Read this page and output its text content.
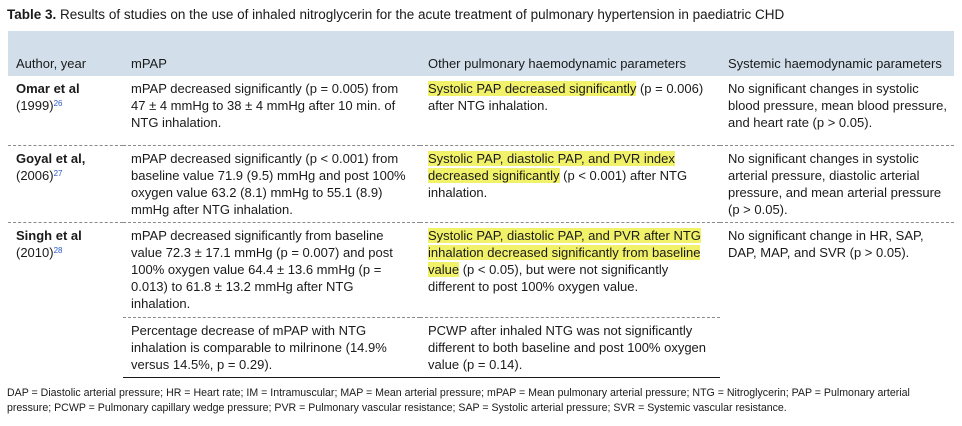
Table 3. Results of studies on the use of inhaled nitroglycerin for the acute treatment of pulmonary hypertension in paediatric CHD
Author, year	mPAP	Other pulmonary haemodynamic parameters	Systemic haemodynamic parameters

Omar et al
$(1999)^{26}$	mPAP decreased significantly (p = 0.005) from 47 ± 4 mmHg to 38 ± 4 mmHg after 10 min. of NTG inhalation.	Systolic PAP decreased significantly (p = 0.006) after NTG inhalation.	No significant changes in systolic blood pressure, mean blood pressure, and heart rate (p > 0.05).

Goyal et al,
$(2006)^{27}$	mPAP decreased significantly (p < 0.001) from baseline value 71.9 (9.5) mmHg and post 100% oxygen value 63.2 (8.1) mmHg to 55.1 (8.9) mmHg after NTG inhalation.	Systolic PAP, diastolic PAP, and PVR index decreased significantly (p < 0.001) after NTG inhalation.	No significant changes in systolic arterial pressure, diastolic arterial pressure, and mean arterial pressure (p > 0.05).

Singh et al
$(2010)^{28}$	mPAP decreased significantly from baseline value 72.3 ± 17.1 mmHg (p = 0.007) and post 100% oxygen value 64.4 ± 13.6 mmHg (p = 0.013) to 61.8 ± 13.2 mmHg after NTG inhalation.	Systolic PAP, diastolic PAP, and PVR after NTG inhalation decreased significantly from baseline value (p < 0.05), but were not significantly different to post 100% oxygen value.	No significant change in HR, SAP, DAP, MAP, and SVR (p > 0.05).
	Percentage decrease of mPAP with NTG inhalation is comparable to milrinone (14.9% versus 14.5%, p = 0.29).	PCWP after inhaled NTG was not significantly different to both baseline and post 100% oxygen value (p = 0.14).	
DAP = Diastolic arterial pressure; HR = Heart rate; IM = Intramuscular; MAP = Mean arterial pressure; mPAP = Mean pulmonary arterial pressure; NTG = Nitroglycerin; PAP = Pulmonary arterial pressure; PCWP = Pulmonary capillary wedge pressure; PVR = Pulmonary vascular resistance; SAP = Systolic arterial pressure; SVR = Systemic vascular resistance.
